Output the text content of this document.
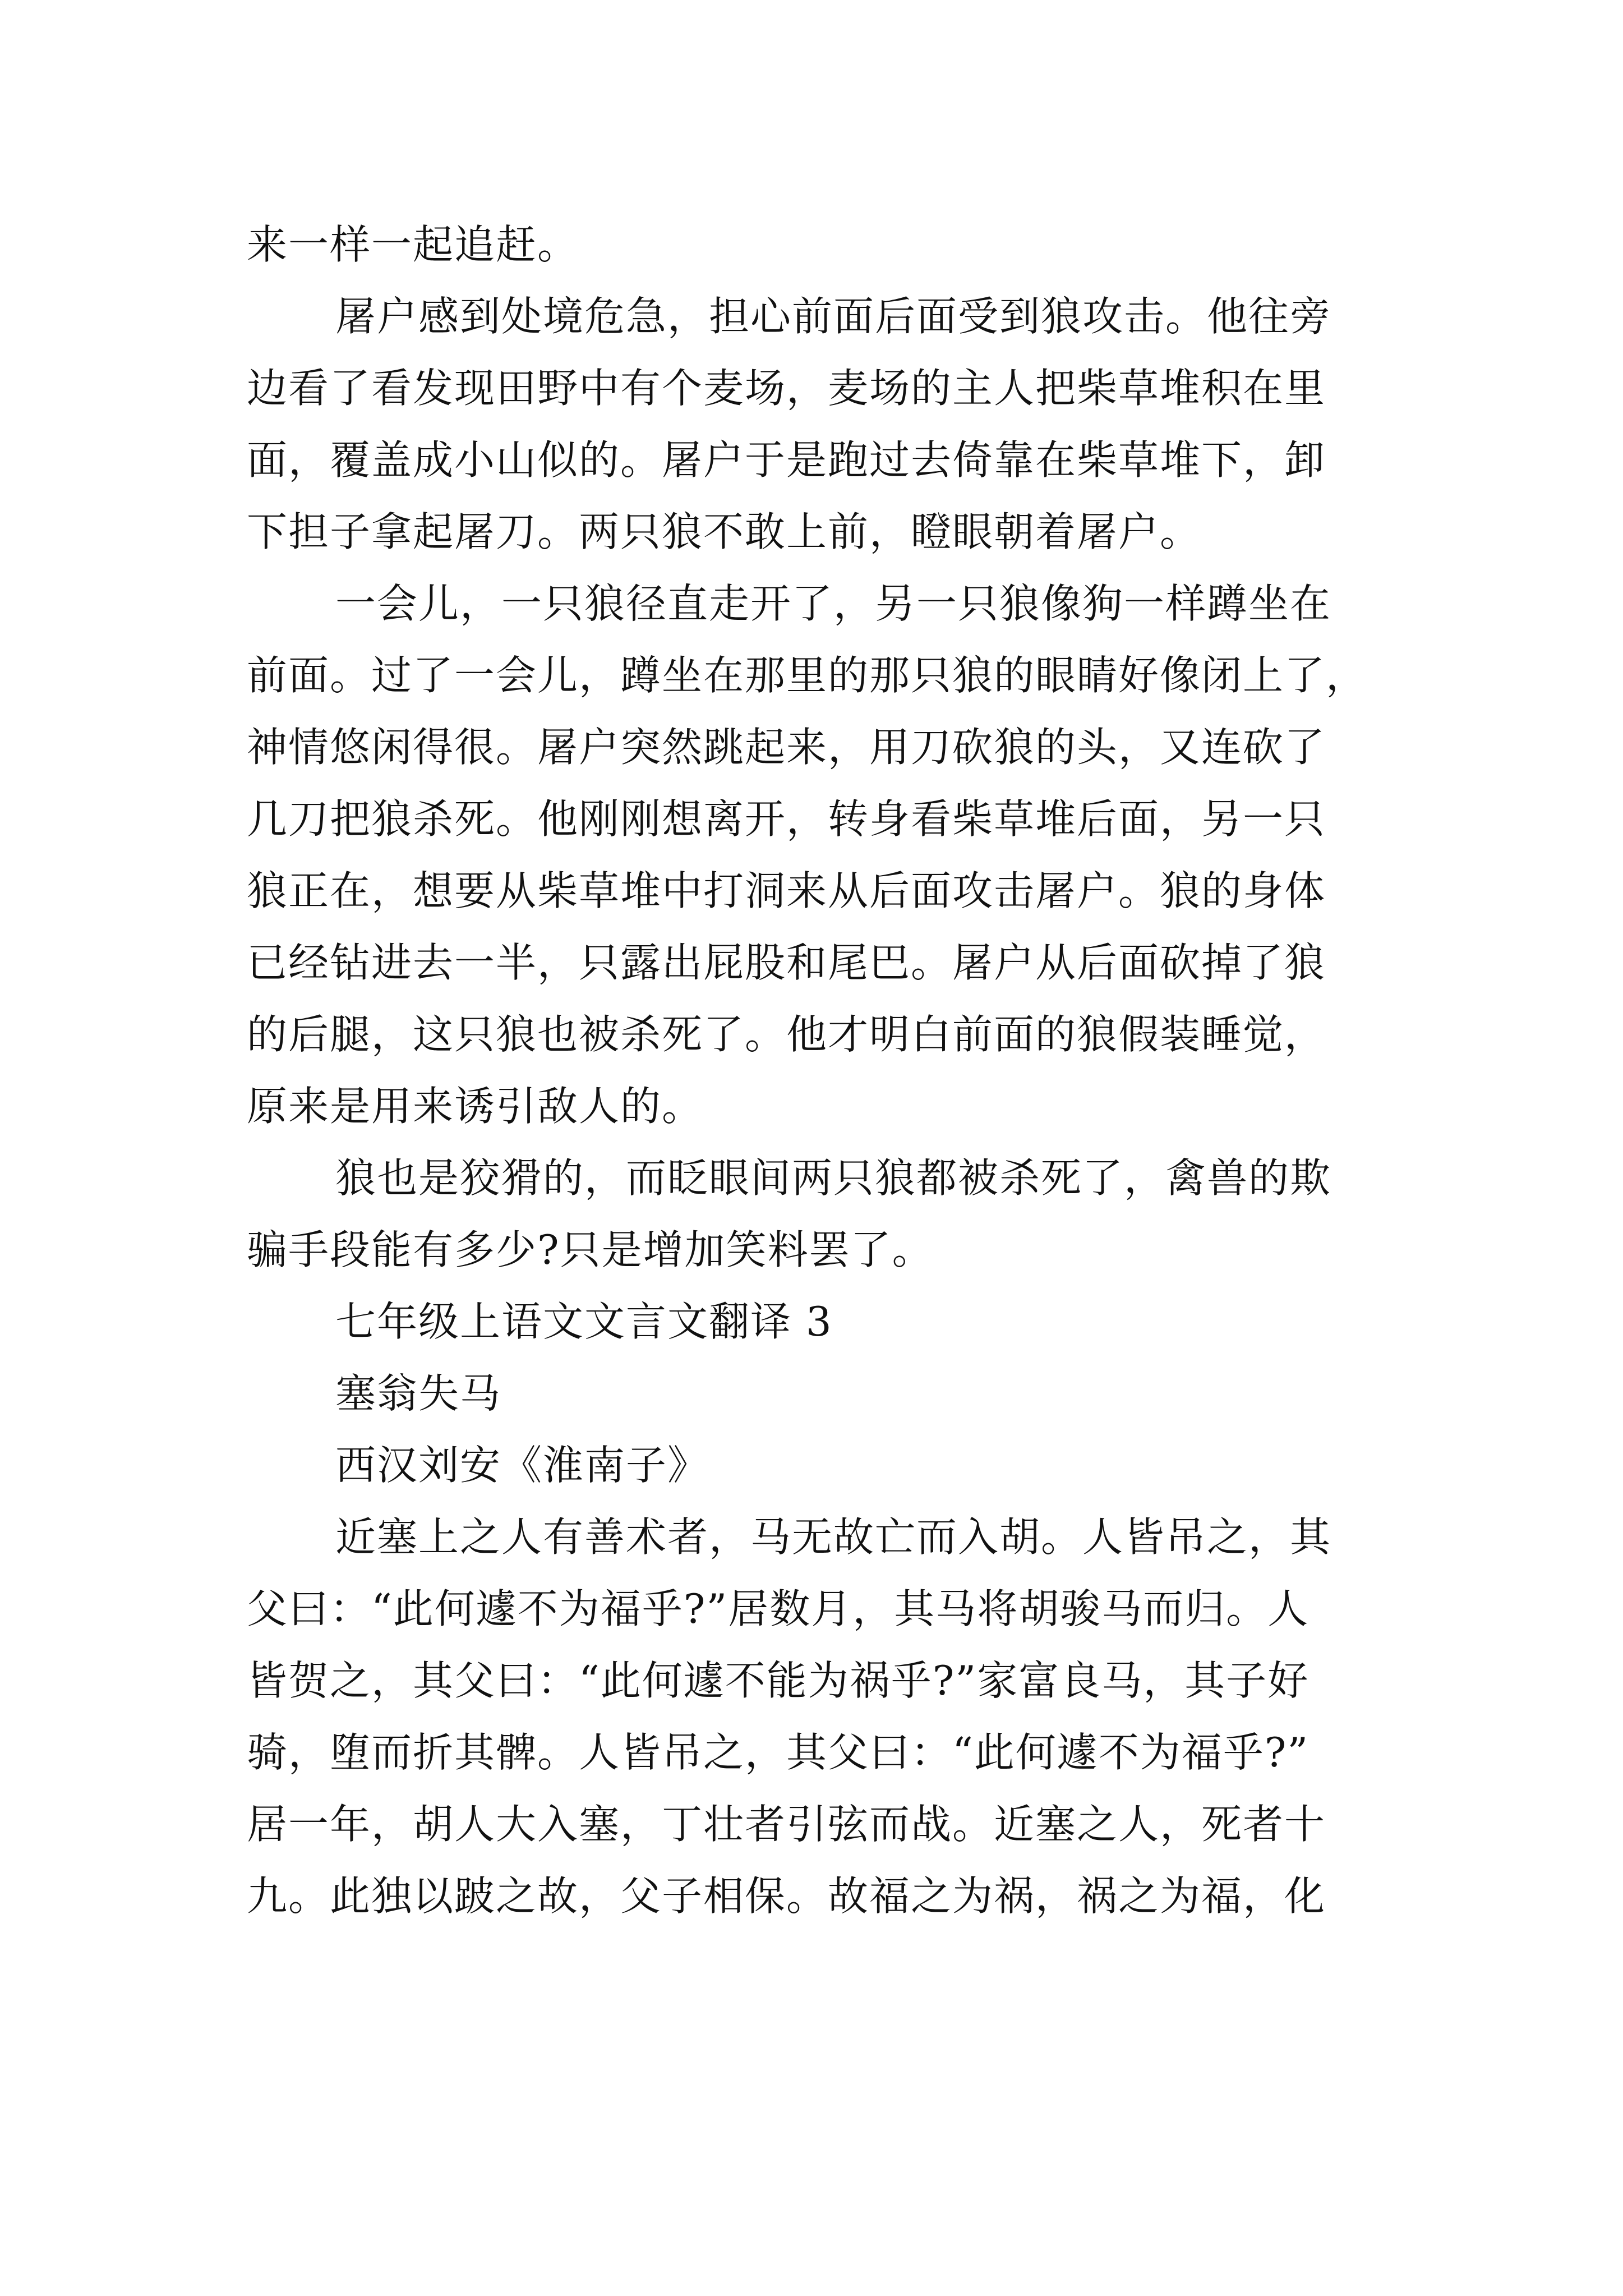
来一样一起追赶。
屠户感到处境危急，担心前面后面受到狼攻击。他往旁
边看了看发现田野中有个麦场，麦场的主人把柴草堆积在里
面，覆盖成小山似的。屠户于是跑过去倚靠在柴草堆下，卸
下担子拿起屠刀。两只狼不敢上前，瞪眼朝着屠户。
一会儿，一只狼径直走开了，另一只狼像狗一样蹲坐在
前面。过了一会儿，蹲坐在那里的那只狼的眼睛好像闭上了，
神情悠闲得很。屠户突然跳起来，用刀砍狼的头，又连砍了
几刀把狼杀死。他刚刚想离开，转身看柴草堆后面，另一只
狼正在，想要从柴草堆中打洞来从后面攻击屠户。狼的身体
已经钻进去一半，只露出屁股和尾巴。屠户从后面砍掉了狼
的后腿，这只狼也被杀死了。他才明白前面的狼假装睡觉，
原来是用来诱引敌人的。
狼也是狡猾的，而眨眼间两只狼都被杀死了，禽兽的欺
骗手段能有多少?只是增加笑料罢了。
七年级上语文文言文翻译 3
塞翁失马
西汉刘安《淮南子》
近塞上之人有善术者，马无故亡而入胡。人皆吊之，其
父曰：“此何遽不为福乎?”居数月，其马将胡骏马而归。人
皆贺之，其父曰：“此何遽不能为祸乎?”家富良马，其子好
骑，堕而折其髀。人皆吊之，其父曰：“此何遽不为福乎?”
居一年，胡人大入塞，丁壮者引弦而战。近塞之人，死者十
九。此独以跛之故，父子相保。故福之为祸，祸之为福，化
